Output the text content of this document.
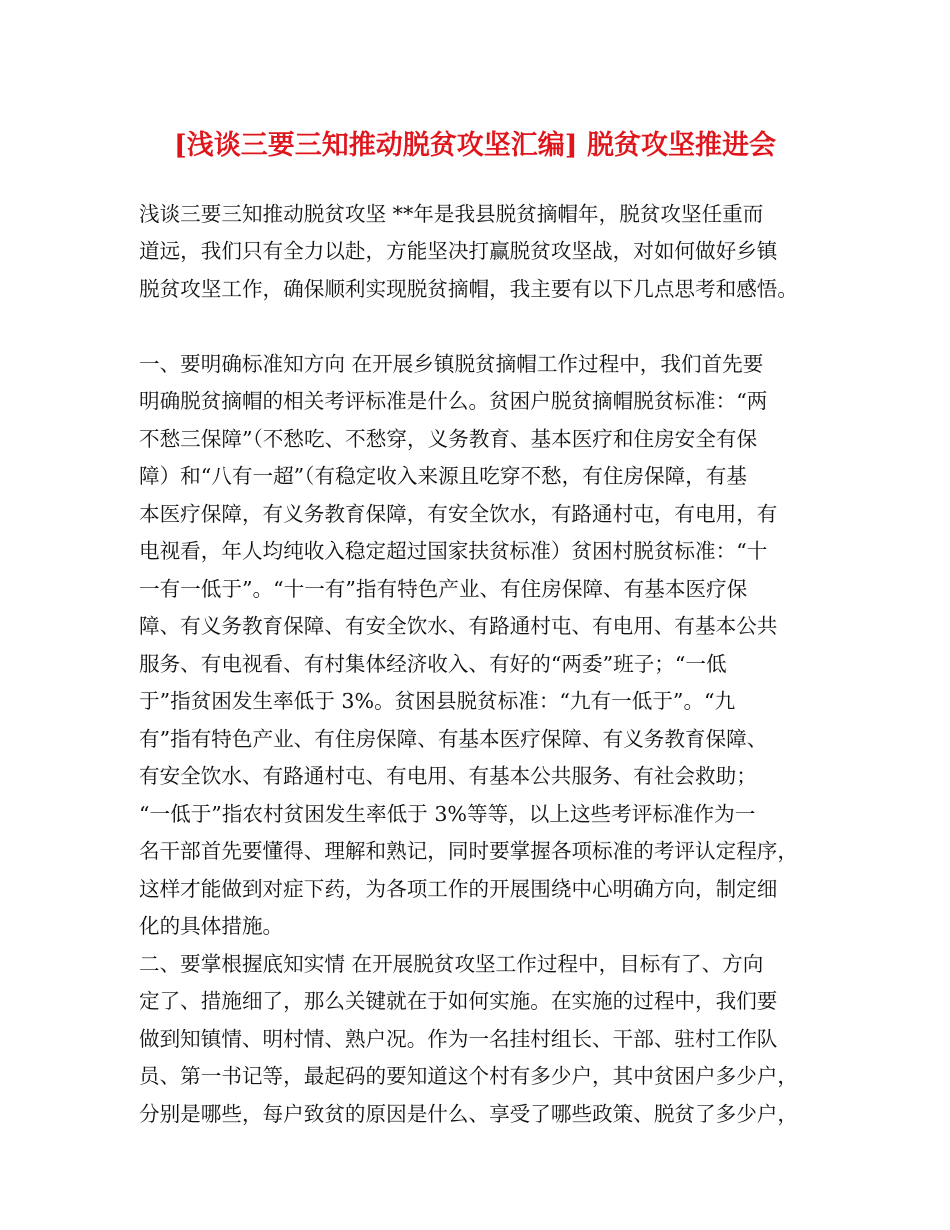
[浅谈三要三知推动脱贫攻坚汇编] 脱贫攻坚推进会

浅谈三要三知推动脱贫攻坚 **年是我县脱贫摘帽年，脱贫攻坚任重而

道远，我们只有全力以赴，方能坚决打赢脱贫攻坚战，对如何做好乡镇

脱贫攻坚工作，确保顺利实现脱贫摘帽，我主要有以下几点思考和感悟。

一、要明确标准知方向 在开展乡镇脱贫摘帽工作过程中，我们首先要

明确脱贫摘帽的相关考评标准是什么。贫困户脱贫摘帽脱贫标准：“两

不愁三保障”（不愁吃、不愁穿，义务教育、基本医疗和住房安全有保

障）和“八有一超”（有稳定收入来源且吃穿不愁，有住房保障，有基

本医疗保障，有义务教育保障，有安全饮水，有路通村屯，有电用，有

电视看，年人均纯收入稳定超过国家扶贫标准）贫困村脱贫标准：“十

一有一低于”。“十一有”指有特色产业、有住房保障、有基本医疗保

障、有义务教育保障、有安全饮水、有路通村屯、有电用、有基本公共

服务、有电视看、有村集体经济收入、有好的“两委”班子；“一低

于”指贫困发生率低于 3%。贫困县脱贫标准：“九有一低于”。“九

有”指有特色产业、有住房保障、有基本医疗保障、有义务教育保障、

有安全饮水、有路通村屯、有电用、有基本公共服务、有社会救助；

“一低于”指农村贫困发生率低于 3%等等，以上这些考评标准作为一

名干部首先要懂得、理解和熟记，同时要掌握各项标准的考评认定程序，

这样才能做到对症下药，为各项工作的开展围绕中心明确方向，制定细

化的具体措施。

二、要掌根握底知实情 在开展脱贫攻坚工作过程中，目标有了、方向

定了、措施细了，那么关键就在于如何实施。在实施的过程中，我们要

做到知镇情、明村情、熟户况。作为一名挂村组长、干部、驻村工作队

员、第一书记等，最起码的要知道这个村有多少户，其中贫困户多少户，

分别是哪些，每户致贫的原因是什么、享受了哪些政策、脱贫了多少户，
